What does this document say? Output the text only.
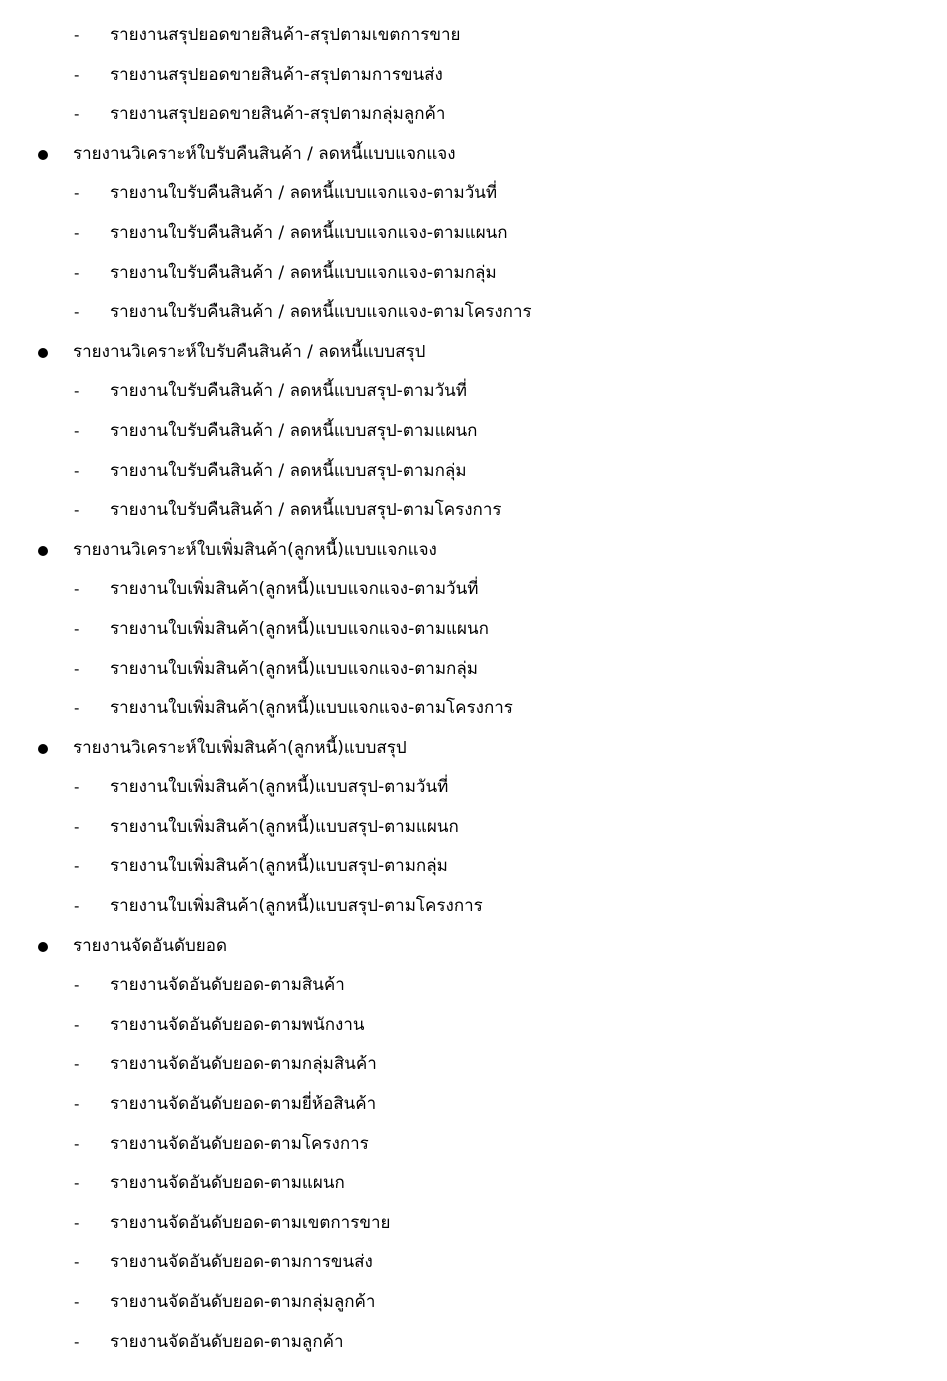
- รายงานสรุปยอดขายสินค้า-สรุปตามเขตการขาย
- รายงานสรุปยอดขายสินค้า-สรุปตามการขนส่ง
- รายงานสรุปยอดขายสินค้า-สรุปตามกลุ่มลูกค้า
รายงานวิเคราะห์ใบรับคืนสินค้า / ลดหนี้แบบแจกแจง
- รายงานใบรับคืนสินค้า / ลดหนี้แบบแจกแจง-ตามวันที่
- รายงานใบรับคืนสินค้า / ลดหนี้แบบแจกแจง-ตามแผนก
- รายงานใบรับคืนสินค้า / ลดหนี้แบบแจกแจง-ตามกลุ่ม
- รายงานใบรับคืนสินค้า / ลดหนี้แบบแจกแจง-ตามโครงการ
รายงานวิเคราะห์ใบรับคืนสินค้า / ลดหนี้แบบสรุป
- รายงานใบรับคืนสินค้า / ลดหนี้แบบสรุป-ตามวันที่
- รายงานใบรับคืนสินค้า / ลดหนี้แบบสรุป-ตามแผนก
- รายงานใบรับคืนสินค้า / ลดหนี้แบบสรุป-ตามกลุ่ม
- รายงานใบรับคืนสินค้า / ลดหนี้แบบสรุป-ตามโครงการ
รายงานวิเคราะห์ใบเพิ่มสินค้า(ลูกหนี้)แบบแจกแจง
- รายงานใบเพิ่มสินค้า(ลูกหนี้)แบบแจกแจง-ตามวันที่
- รายงานใบเพิ่มสินค้า(ลูกหนี้)แบบแจกแจง-ตามแผนก
- รายงานใบเพิ่มสินค้า(ลูกหนี้)แบบแจกแจง-ตามกลุ่ม
- รายงานใบเพิ่มสินค้า(ลูกหนี้)แบบแจกแจง-ตามโครงการ
รายงานวิเคราะห์ใบเพิ่มสินค้า(ลูกหนี้)แบบสรุป
- รายงานใบเพิ่มสินค้า(ลูกหนี้)แบบสรุป-ตามวันที่
- รายงานใบเพิ่มสินค้า(ลูกหนี้)แบบสรุป-ตามแผนก
- รายงานใบเพิ่มสินค้า(ลูกหนี้)แบบสรุป-ตามกลุ่ม
- รายงานใบเพิ่มสินค้า(ลูกหนี้)แบบสรุป-ตามโครงการ
รายงานจัดอันดับยอด
- รายงานจัดอันดับยอด-ตามสินค้า
- รายงานจัดอันดับยอด-ตามพนักงาน
- รายงานจัดอันดับยอด-ตามกลุ่มสินค้า
- รายงานจัดอันดับยอด-ตามยี่ห้อสินค้า
- รายงานจัดอันดับยอด-ตามโครงการ
- รายงานจัดอันดับยอด-ตามแผนก
- รายงานจัดอันดับยอด-ตามเขตการขาย
- รายงานจัดอันดับยอด-ตามการขนส่ง
- รายงานจัดอันดับยอด-ตามกลุ่มลูกค้า
- รายงานจัดอันดับยอด-ตามลูกค้า
